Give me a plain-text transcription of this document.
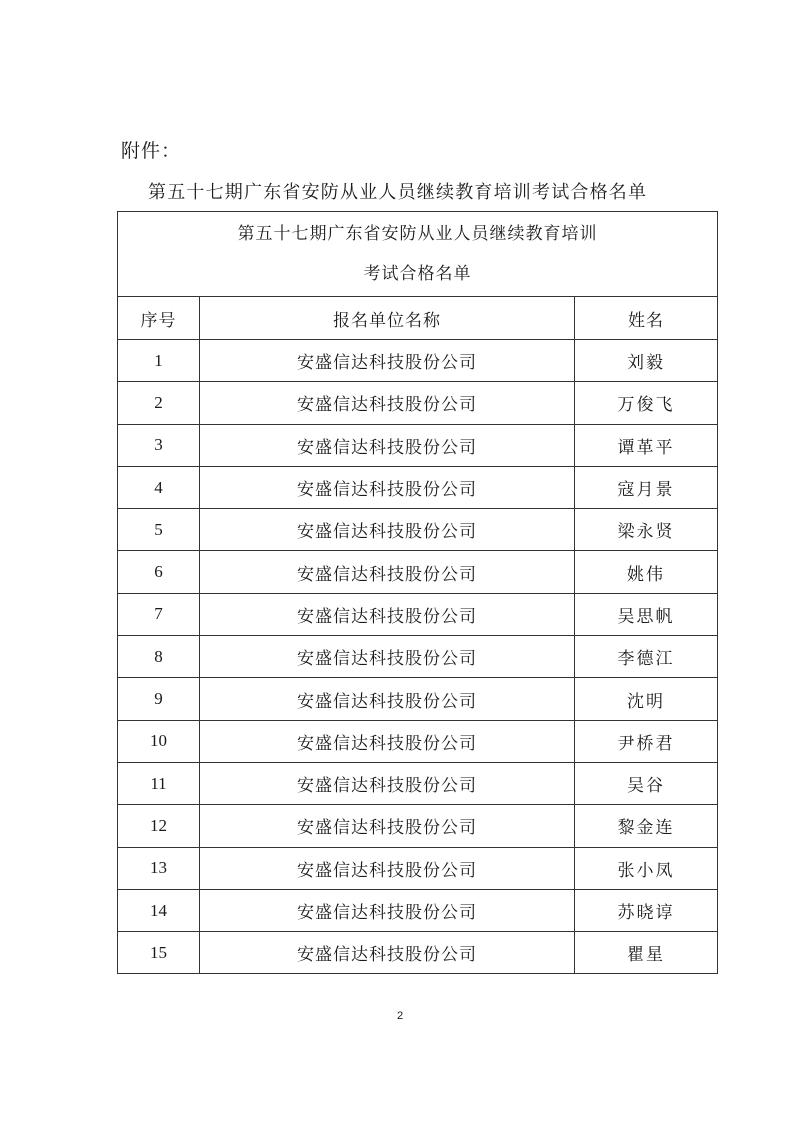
附件：
第五十七期广东省安防从业人员继续教育培训考试合格名单
第五十七期广东省安防从业人员继续教育培训
考试合格名单		

序号	报名单位名称	姓名
1	安盛信达科技股份公司	刘毅
2	安盛信达科技股份公司	万俊飞
3	安盛信达科技股份公司	谭革平
4	安盛信达科技股份公司	寇月景
5	安盛信达科技股份公司	梁永贤
6	安盛信达科技股份公司	姚伟
7	安盛信达科技股份公司	吴思帆
8	安盛信达科技股份公司	李德江
9	安盛信达科技股份公司	沈明
10	安盛信达科技股份公司	尹桥君
11	安盛信达科技股份公司	吴谷
12	安盛信达科技股份公司	黎金连
13	安盛信达科技股份公司	张小凤
14	安盛信达科技股份公司	苏晓谆
15	安盛信达科技股份公司	瞿星
2
